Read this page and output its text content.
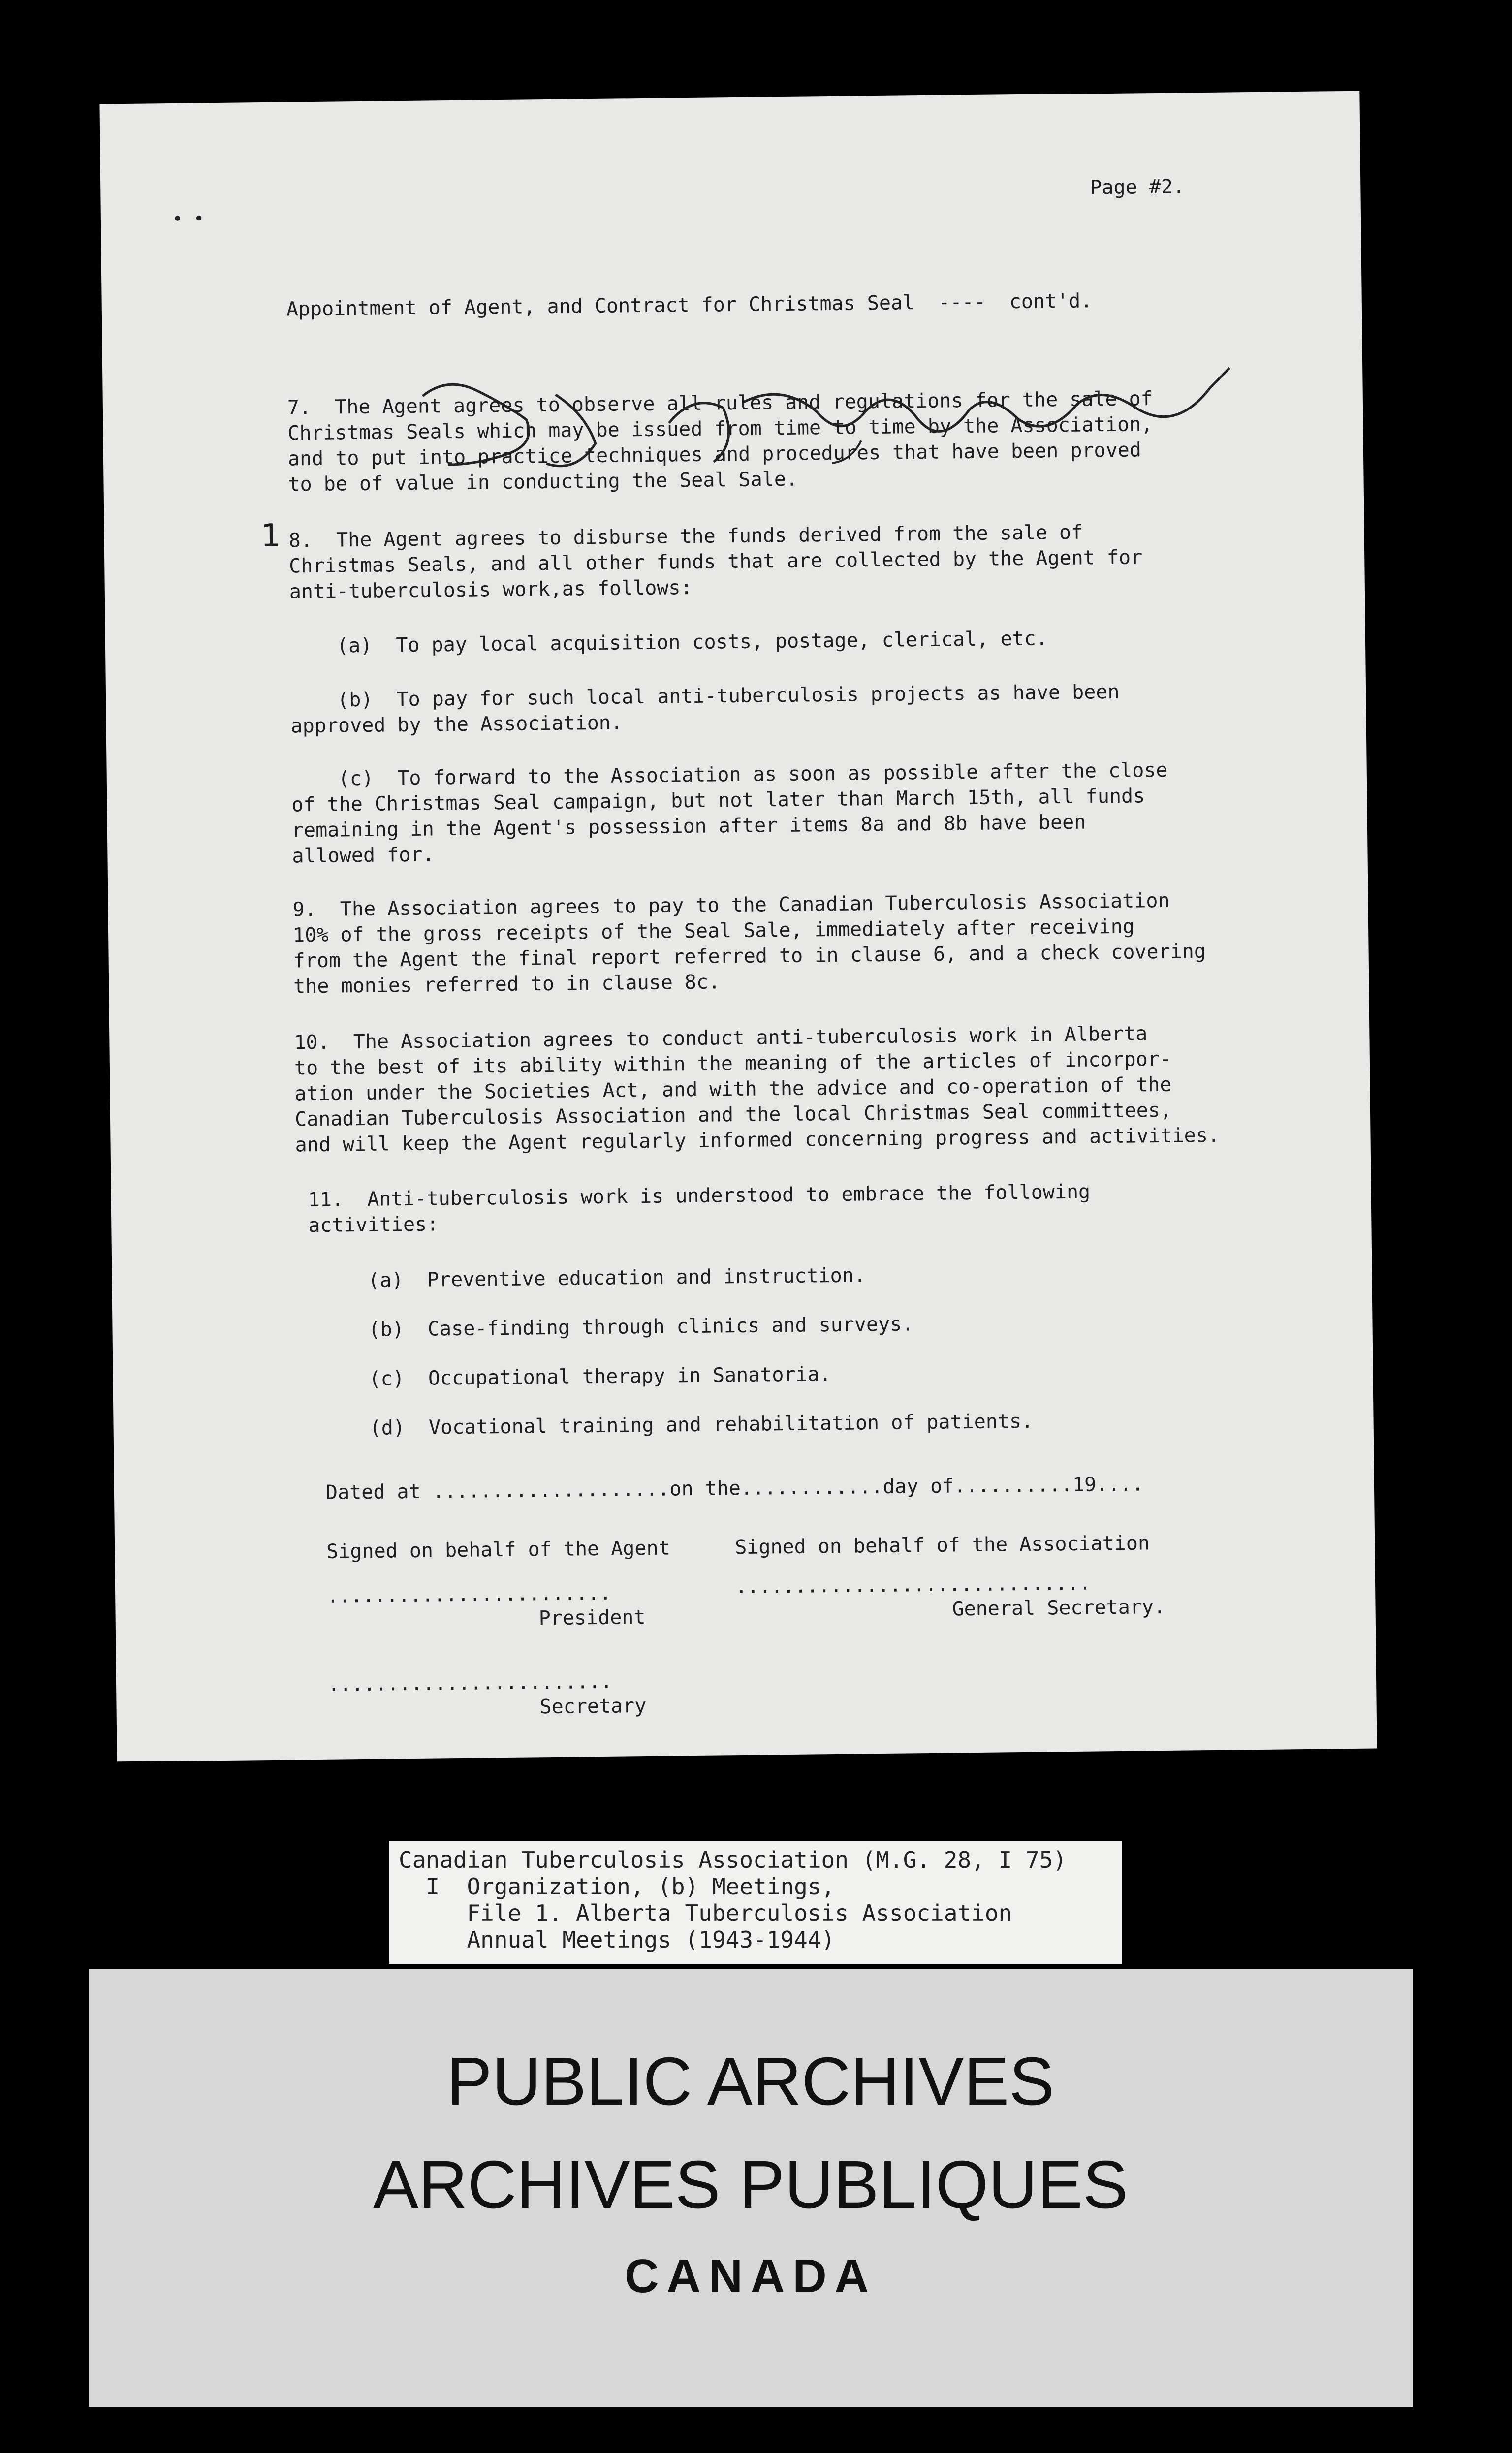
• •
Page #2.
Appointment of Agent, and Contract for Christmas Seal  ----  cont'd.
7.  The Agent agrees to observe all rules and regulations for the sale of
Christmas Seals which may be issued from time to time by the Association,
and to put into practice techniques and procedures that have been proved
to be of value in conducting the Seal Sale.
1 8.  The Agent agrees to disburse the funds derived from the sale of
Christmas Seals, and all other funds that are collected by the Agent for
anti-tuberculosis work,as follows:
(a)  To pay local acquisition costs, postage, clerical, etc.
(b)  To pay for such local anti-tuberculosis projects as have been
approved by the Association.
(c)  To forward to the Association as soon as possible after the close
of the Christmas Seal campaign, but not later than March 15th, all funds
remaining in the Agent's possession after items 8a and 8b have been
allowed for.
9.  The Association agrees to pay to the Canadian Tuberculosis Association
10% of the gross receipts of the Seal Sale, immediately after receiving
from the Agent the final report referred to in clause 6, and a check covering
the monies referred to in clause 8c.
10.  The Association agrees to conduct anti-tuberculosis work in Alberta
to the best of its ability within the meaning of the articles of incorpor-
ation under the Societies Act, and with the advice and co-operation of the
Canadian Tuberculosis Association and the local Christmas Seal committees,
and will keep the Agent regularly informed concerning progress and activities.
11.  Anti-tuberculosis work is understood to embrace the following
activities:
(a)  Preventive education and instruction.
(b)  Case-finding through clinics and surveys.
(c)  Occupational therapy in Sanatoria.
(d)  Vocational training and rehabilitation of patients.
Dated at ....................on the............day of..........19....
Signed on behalf of the Agent	Signed on behalf of the Association
........................	..............................
President	General Secretary.
........................
Secretary
Canadian Tuberculosis Association (M.G. 28, I 75)
I  Organization, (b) Meetings,
File 1. Alberta Tuberculosis Association
Annual Meetings (1943-1944)
PUBLIC ARCHIVES
ARCHIVES PUBLIQUES
CANADA
